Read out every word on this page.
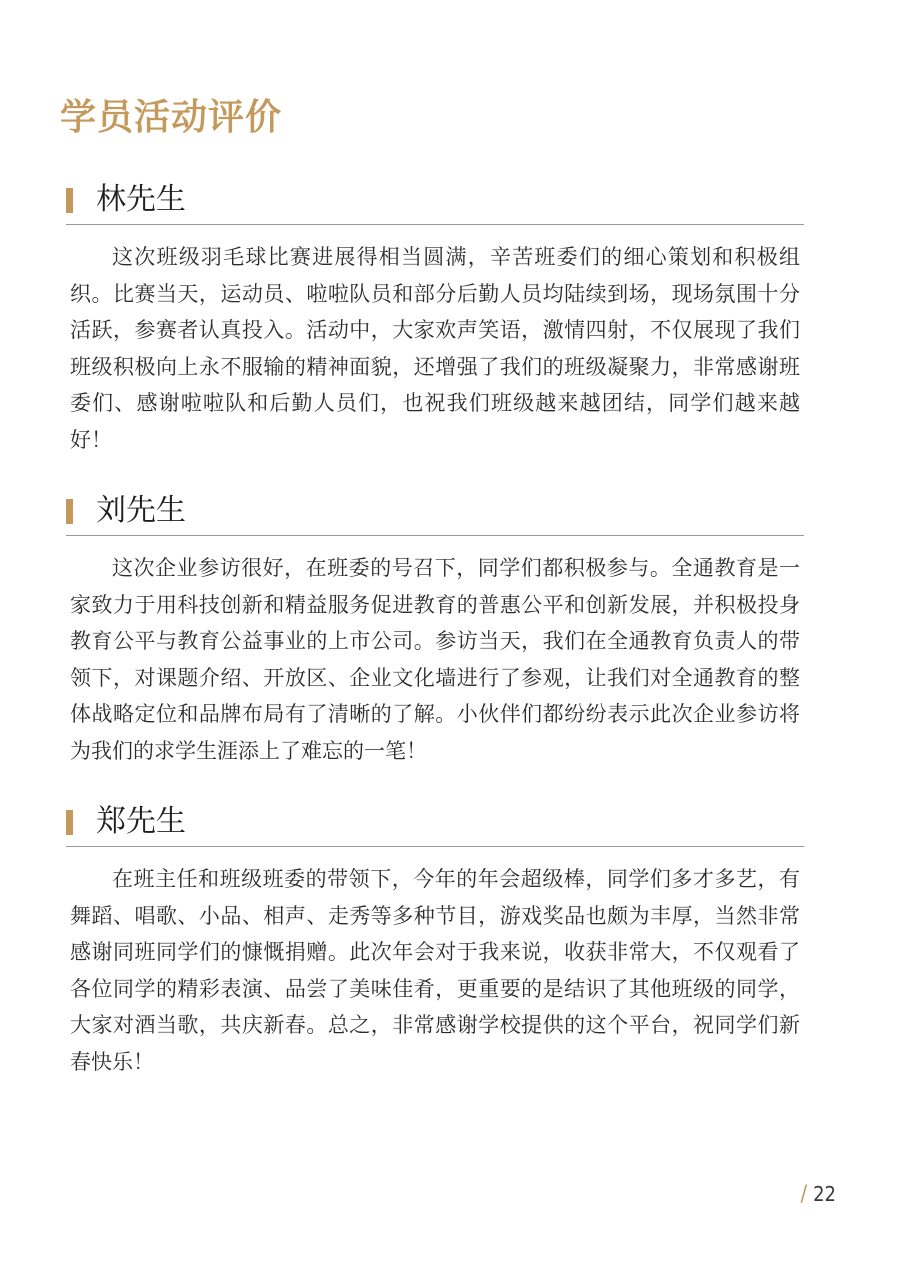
学员活动评价
林先生

这次班级羽毛球比赛进展得相当圆满，辛苦班委们的细心策划和积极组织。比赛当天，运动员、啦啦队员和部分后勤人员均陆续到场，现场氛围十分活跃，参赛者认真投入。活动中，大家欢声笑语，激情四射，不仅展现了我们班级积极向上永不服输的精神面貌，还增强了我们的班级凝聚力，非常感谢班委们、感谢啦啦队和后勤人员们，也祝我们班级越来越团结，同学们越来越好！

刘先生

这次企业参访很好，在班委的号召下，同学们都积极参与。全通教育是一家致力于用科技创新和精益服务促进教育的普惠公平和创新发展，并积极投身教育公平与教育公益事业的上市公司。参访当天，我们在全通教育负责人的带领下，对课题介绍、开放区、企业文化墙进行了参观，让我们对全通教育的整体战略定位和品牌布局有了清晰的了解。小伙伴们都纷纷表示此次企业参访将为我们的求学生涯添上了难忘的一笔！

郑先生

在班主任和班级班委的带领下，今年的年会超级棒，同学们多才多艺，有舞蹈、唱歌、小品、相声、走秀等多种节目，游戏奖品也颇为丰厚，当然非常感谢同班同学们的慷慨捐赠。此次年会对于我来说，收获非常大，不仅观看了各位同学的精彩表演、品尝了美味佳肴，更重要的是结识了其他班级的同学，大家对酒当歌，共庆新春。总之，非常感谢学校提供的这个平台，祝同学们新春快乐！

/ 22
